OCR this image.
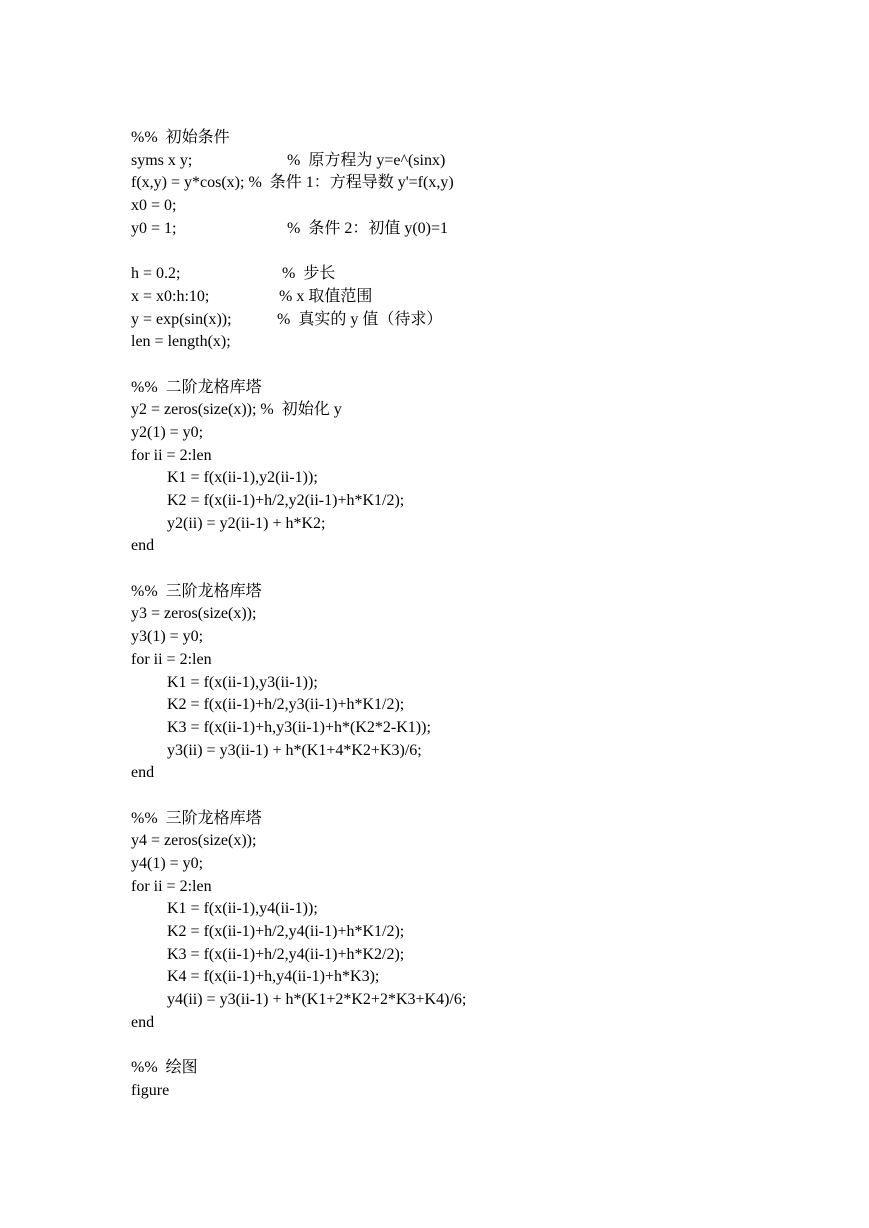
%%  初始条件
syms x y;	%  原方程为 y=e^(sinx)
f(x,y) = y*cos(x); %  条件 1：方程导数 y'=f(x,y)
x0 = 0;
y0 = 1;	%  条件 2：初值 y(0)=1
h = 0.2;	%  步长
x = x0:h:10;	% x 取值范围
y = exp(sin(x));	%  真实的 y 值（待求）
len = length(x);
%%  二阶龙格库塔
y2 = zeros(size(x)); %  初始化 y
y2(1) = y0;
for ii = 2:len
K1 = f(x(ii-1),y2(ii-1));
K2 = f(x(ii-1)+h/2,y2(ii-1)+h*K1/2);
y2(ii) = y2(ii-1) + h*K2;
end
%%  三阶龙格库塔
y3 = zeros(size(x));
y3(1) = y0;
for ii = 2:len
K1 = f(x(ii-1),y3(ii-1));
K2 = f(x(ii-1)+h/2,y3(ii-1)+h*K1/2);
K3 = f(x(ii-1)+h,y3(ii-1)+h*(K2*2-K1));
y3(ii) = y3(ii-1) + h*(K1+4*K2+K3)/6;
end
%%  三阶龙格库塔
y4 = zeros(size(x));
y4(1) = y0;
for ii = 2:len
K1 = f(x(ii-1),y4(ii-1));
K2 = f(x(ii-1)+h/2,y4(ii-1)+h*K1/2);
K3 = f(x(ii-1)+h/2,y4(ii-1)+h*K2/2);
K4 = f(x(ii-1)+h,y4(ii-1)+h*K3);
y4(ii) = y3(ii-1) + h*(K1+2*K2+2*K3+K4)/6;
end
%%  绘图
figure
